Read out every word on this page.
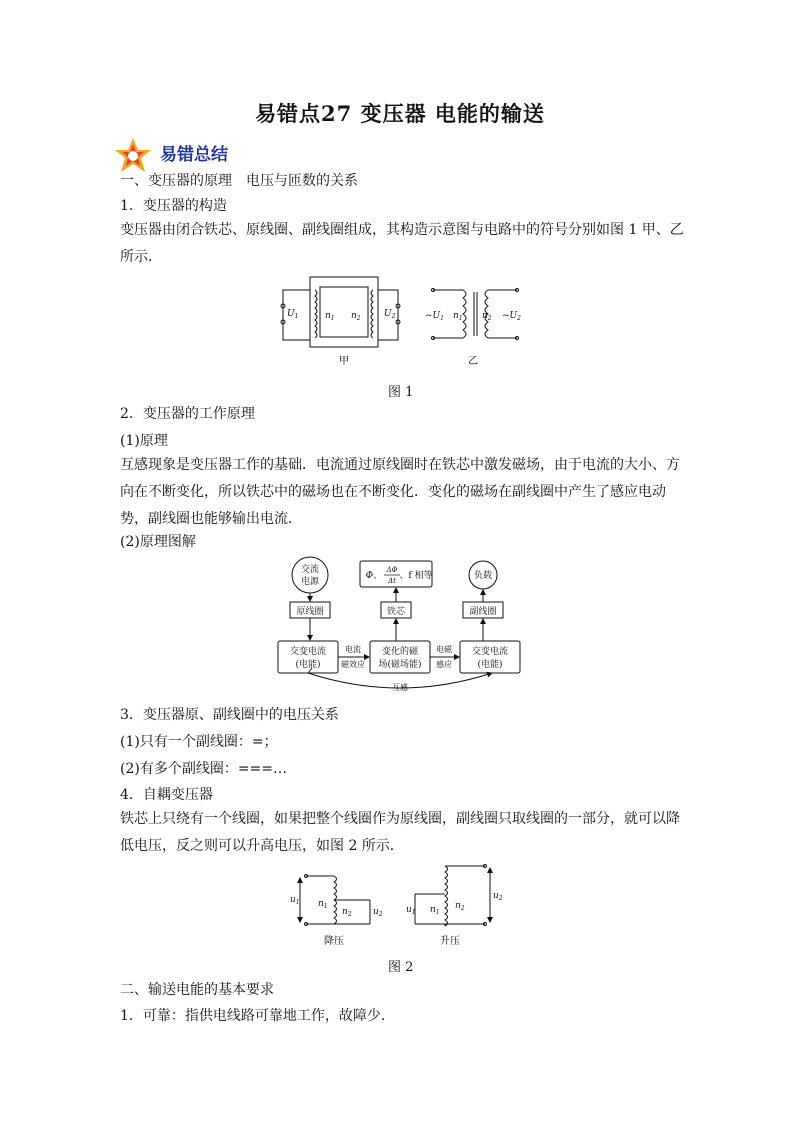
易错点27 变压器 电能的输送
易错总结
一、变压器的原理　电压与匝数的关系
1．变压器的构造
变压器由闭合铁芯、原线圈、副线圈组成，其构造示意图与电路中的符号分别如图 1 甲、乙所示．
$U_1$	$n_1$ $n_2$	$U_2$	$\sim U_1$ $n_1$ $n_2$ $\sim U_2$
甲	乙
图 1
2．变压器的工作原理
(1)原理
互感现象是变压器工作的基础．电流通过原线圈时在铁芯中激发磁场，由于电流的大小、方向在不断变化，所以铁芯中的磁场也在不断变化．变化的磁场在副线圈中产生了感应电动势，副线圈也能够输出电流．
(2)原理图解
交流
电源
Φ、
ΔΦ
Δt 、f 相等	负载
原线圈	铁芯	副线圈
交变电流
(电能)
变化的磁
场(磁场能)
交变电流
(电能)
电流
磁效应
电磁
感应
互感
3．变压器原、副线圈中的电压关系
(1)只有一个副线圈：=；
(2)有多个副线圈：===…
4．自耦变压器
铁芯上只绕有一个线圈，如果把整个线圈作为原线圈，副线圈只取线圈的一部分，就可以降低电压，反之则可以升高电压，如图 2 所示．
$u_1$ $n_1$
$n_2$ $u_2$	$u_1$ $n_1$
$n_2$
$u_2$
降压	升压
图 2
二、输送电能的基本要求
1．可靠：指供电线路可靠地工作，故障少．
